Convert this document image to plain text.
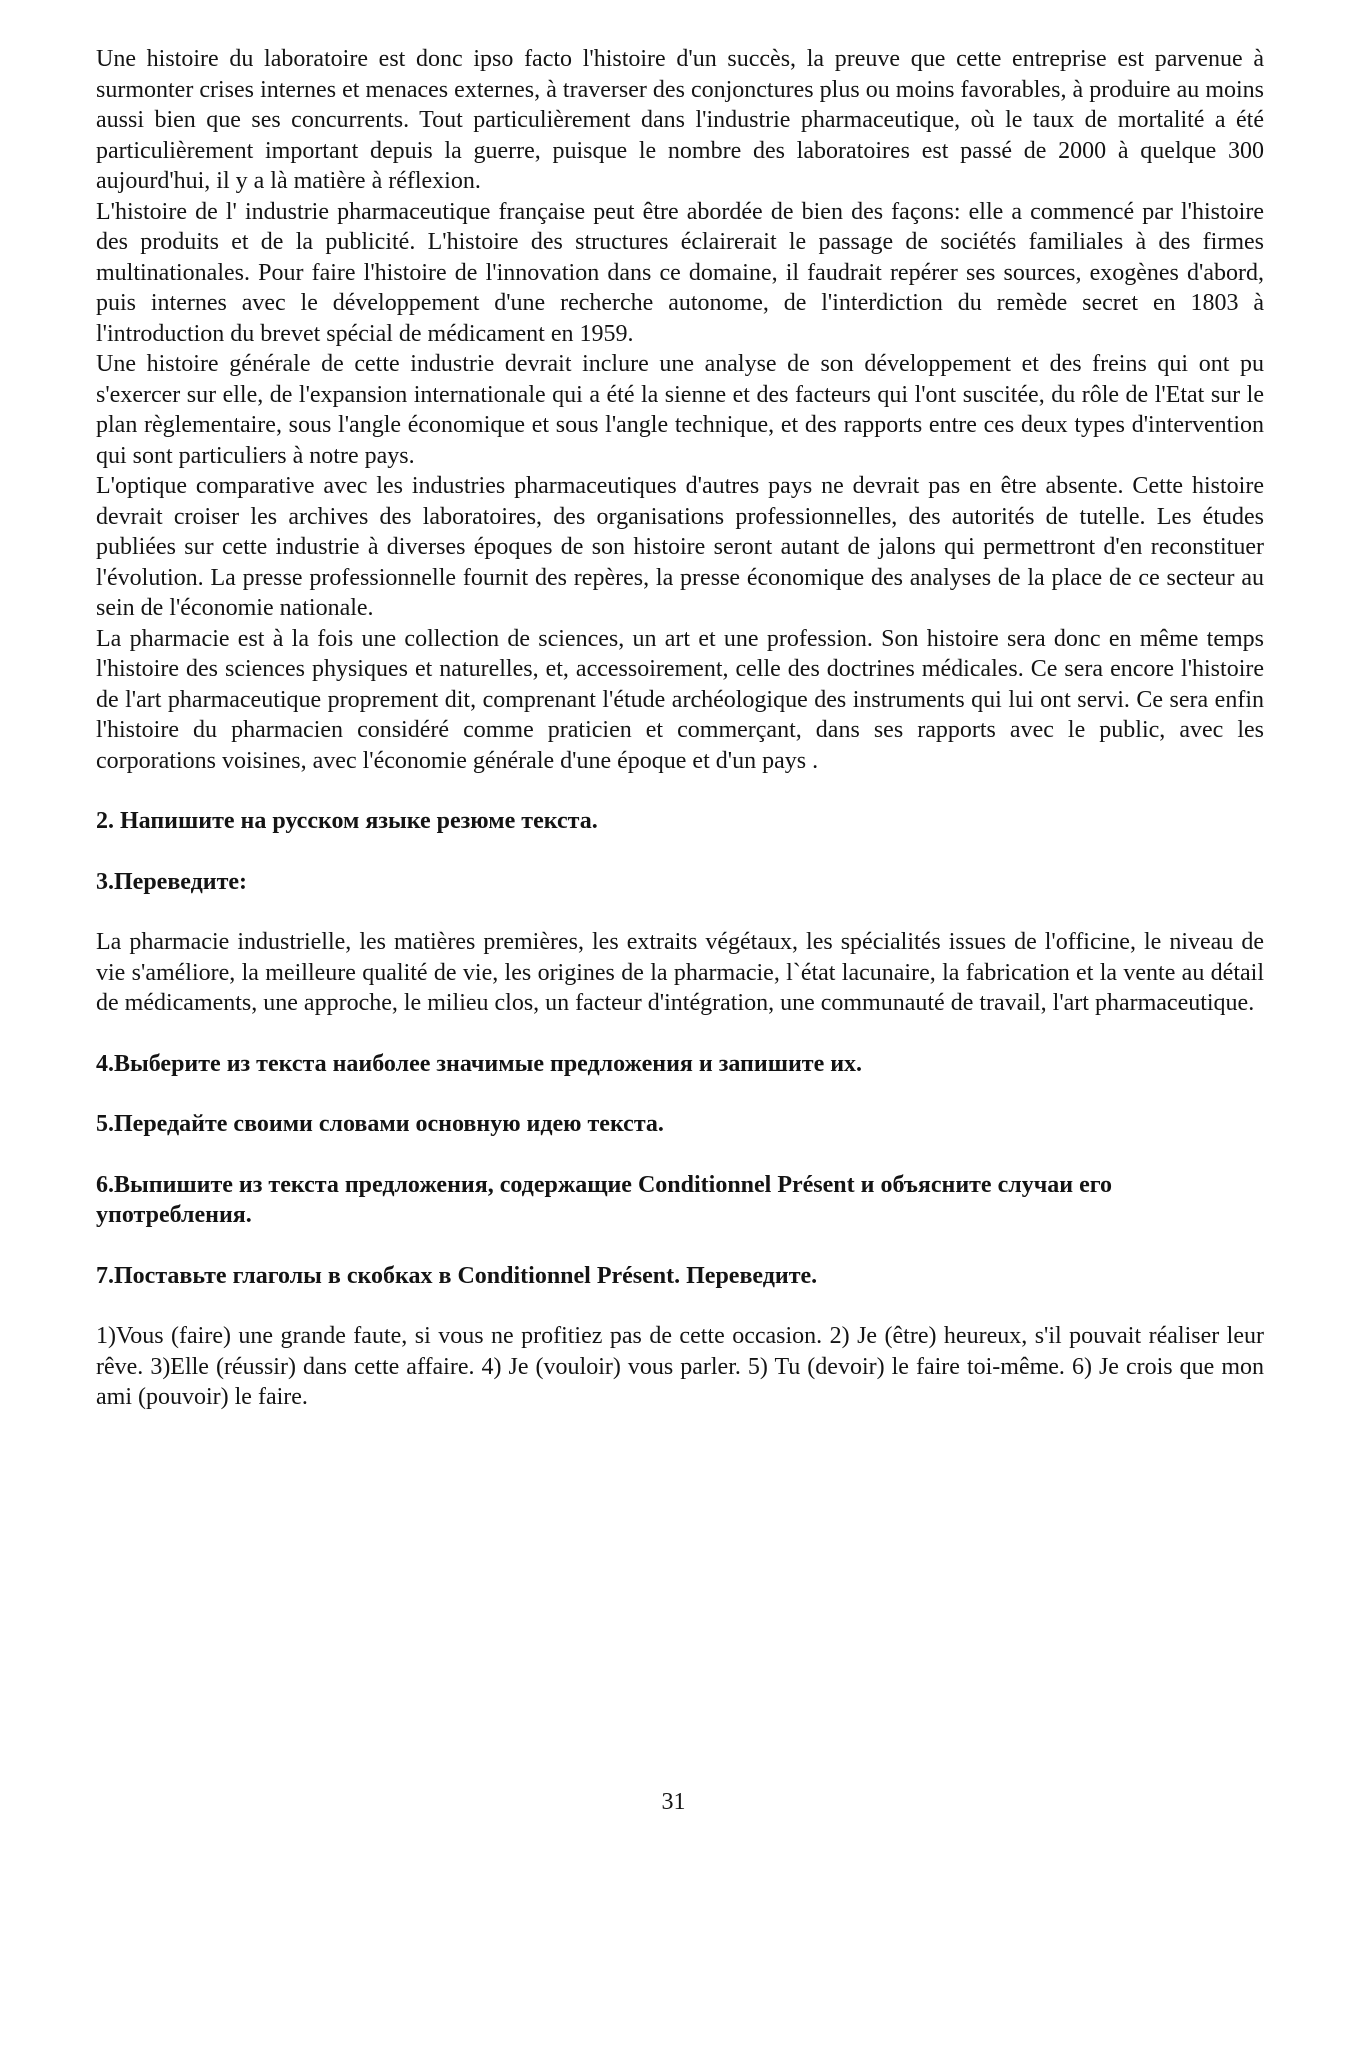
Une histoire du laboratoire est donc ipso facto l'histoire d'un succès, la preuve que cette entreprise est parvenue à surmonter crises internes et menaces externes, à traverser des conjonctures plus ou moins favorables, à produire au moins aussi bien que ses concurrents. Tout particulièrement dans l'industrie pharmaceutique, où le taux de mortalité a été particulièrement important depuis la guerre, puisque le nombre des laboratoires est passé de 2000 à quelque 300 aujourd'hui, il y a là matière à réflexion.

L'histoire de l' industrie pharmaceutique française peut être abordée de bien des façons: elle a commencé par l'histoire des produits et de la publicité. L'histoire des structures éclairerait le passage de sociétés familiales à des firmes multinationales. Pour faire l'histoire de l'innovation dans ce domaine, il faudrait repérer ses sources, exogènes d'abord, puis internes avec le développement d'une recherche autonome, de l'interdiction du remède secret en 1803 à l'introduction du brevet spécial de médicament en 1959.

Une histoire générale de cette industrie devrait inclure une analyse de son développement et des freins qui ont pu s'exercer sur elle, de l'expansion internationale qui a été la sienne et des facteurs qui l'ont suscitée, du rôle de l'Etat sur le plan règlementaire, sous l'angle économique et sous l'angle technique, et des rapports entre ces deux types d'intervention qui sont particuliers à notre pays.

L'optique comparative avec les industries pharmaceutiques d'autres pays ne devrait pas en être absente. Cette histoire devrait croiser les archives des laboratoires, des organisations professionnelles, des autorités de tutelle. Les études publiées sur cette industrie à diverses époques de son histoire seront autant de jalons qui permettront d'en reconstituer l'évolution. La presse professionnelle fournit des repères, la presse économique des analyses de la place de ce secteur au sein de l'économie nationale.

La pharmacie est à la fois une collection de sciences, un art et une profession. Son histoire sera donc en même temps l'histoire des sciences physiques et naturelles, et, accessoirement, celle des doctrines médicales. Ce sera encore l'histoire de l'art pharmaceutique proprement dit, comprenant l'étude archéologique des instruments qui lui ont servi. Ce sera enfin l'histoire du pharmacien considéré comme praticien et commerçant, dans ses rapports avec le public, avec les corporations voisines, avec l'économie générale d'une époque et d'un pays .

2. Напишите на русском языке резюме текста.

3.Переведите:

La pharmacie industrielle, les matières premières, les extraits végétaux, les spécialités issues de l'officine, le niveau de vie s'améliore, la meilleure qualité de vie, les origines de la pharmacie, l`état lacunaire, la fabrication et la vente au détail de médicaments, une approche, le milieu clos, un facteur d'intégration, une communauté de travail, l'art pharmaceutique.

4.Выберите из текста наиболее значимые предложения и запишите их.

5.Передайте своими словами основную идею текста.

6.Выпишите из текста предложения, содержащие Conditionnel Présent и объясните случаи его употребления.

7.Поставьте глаголы в скобках в Conditionnel Présent. Переведите.

1)Vous (faire) une grande faute, si vous ne profitiez pas de cette occasion. 2) Je (être) heureux, s'il pouvait réaliser leur rêve. 3)Elle (réussir) dans cette affaire. 4) Je (vouloir) vous parler. 5) Tu (devoir) le faire toi-même. 6) Je crois que mon ami (pouvoir) le faire.

31
